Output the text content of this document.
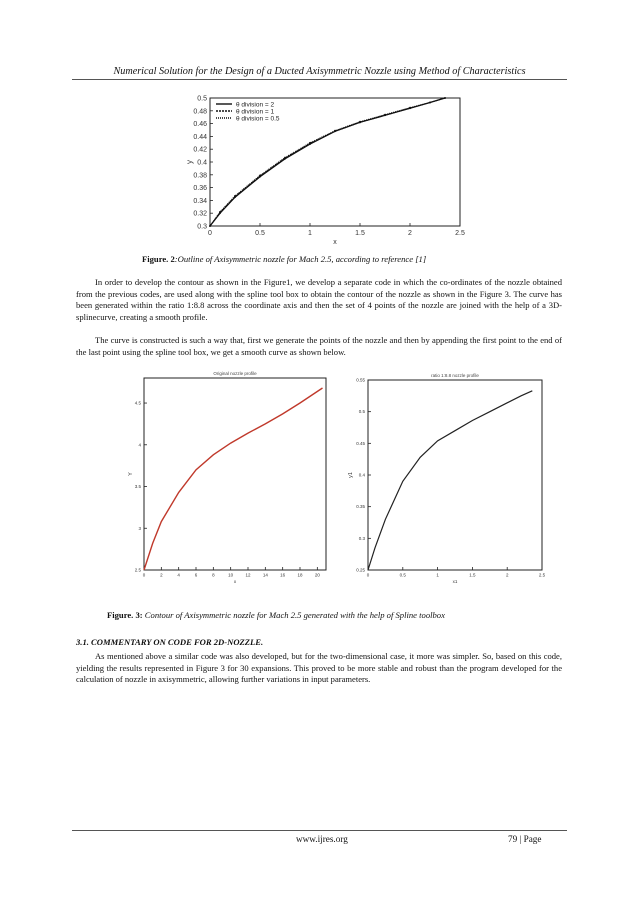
Numerical Solution for the Design of a Ducted Axisymmetric Nozzle using Method of Characteristics
0	0.5	1	1.5	2	2.5
0.3
0.32
0.34
0.36
0.38
0.4
0.42
0.44
0.46
0.48
0.5
x
y
θ division = 2
θ division = 1
θ division = 0.5
Figure. 2:Outline of Axisymmetric nozzle for Mach 2.5, according to reference [1]

In order to develop the contour as shown in the Figure1, we develop a separate code in which the co-ordinates of the nozzle obtained from the previous codes, are used along with the spline tool box to obtain the contour of the nozzle as shown in the Figure 3. The curve has been generated within the ratio 1:8.8 across the coordinate axis and then the set of 4 points of the nozzle are joined with the help of a 3D-splinecurve, creating a smooth profile.

The curve is constructed is such a way that, first we generate the points of the nozzle and then by appending the first point to the end of the last point using the spline tool box, we get a smooth curve as shown below.

0	2	4	6	8	10	12	14	16	18	20
2.5
3
3.5
4
4.5
Original nozzle profile
x
Y
0	0.5	1	1.5	2	2.5
0.25
0.3
0.35
0.4
0.45
0.5
0.55
ratio 1:8.8 nozzle profile
x1
y1
Figure. 3: Contour of Axisymmetric nozzle for Mach 2.5 generated with the help of Spline toolbox
3.1. COMMENTARY ON CODE FOR 2D-NOZZLE.

As mentioned above a similar code was also developed, but for the two-dimensional case, it more was simpler. So, based on this code, yielding the results represented in Figure 3 for 30 expansions. This proved to be more stable and robust than the program developed for the calculation of nozzle in axisymmetric, allowing further variations in input parameters.

www.ijres.org	79 | Page
